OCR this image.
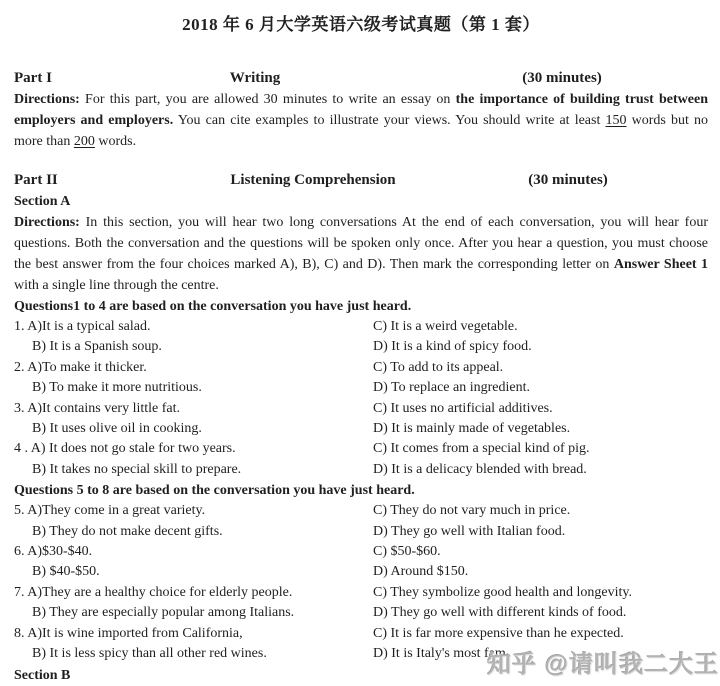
2018 年 6 月大学英语六级考试真题（第 1 套）
Part I	Writing	(30 minutes)

Directions: For this part, you are allowed 30 minutes to write an essay on the importance of building trust between employers and employers. You can cite examples to illustrate your views. You should write at least 150 words but no more than 200 words.

Part II	Listening Comprehension	(30 minutes)
Section A

Directions: In this section, you will hear two long conversations At the end of each conversation, you will hear four questions. Both the conversation and the questions will be spoken only once. After you hear a question, you must choose the best answer from the four choices marked A), B), C) and D). Then mark the corresponding letter on Answer Sheet 1 with a single line through the centre.

Questions1 to 4 are based on the conversation you have just heard.
1. A)It is a typical salad.	C) It is a weird vegetable.
B) It is a Spanish soup.	D) It is a kind of spicy food.
2. A)To make it thicker.	C) To add to its appeal.
B) To make it more nutritious.	D) To replace an ingredient.
3. A)It contains very little fat.	C) It uses no artificial additives.
B) It uses olive oil in cooking.	D) It is mainly made of vegetables.
4 . A) It does not go stale for two years.	C) It comes from a special kind of pig.
B) It takes no special skill to prepare.	D) It is a delicacy blended with bread.
Questions 5 to 8 are based on the conversation you have just heard.
5. A)They come in a great variety.	C) They do not vary much in price.
B) They do not make decent gifts.	D) They go well with Italian food.
6. A)$30-$40.	C) $50-$60.
B) $40-$50.	D) Around $150.
7. A)They are a healthy choice for elderly people.	C) They symbolize good health and longevity.
B) They are especially popular among Italians.	D) They go well with different kinds of food.
8. A)It is wine imported from California,	C) It is far more expensive than he expected.
B) It is less spicy than all other red wines.	D) It is Italy's most fam
Section B	知乎 @请叫我二大王
